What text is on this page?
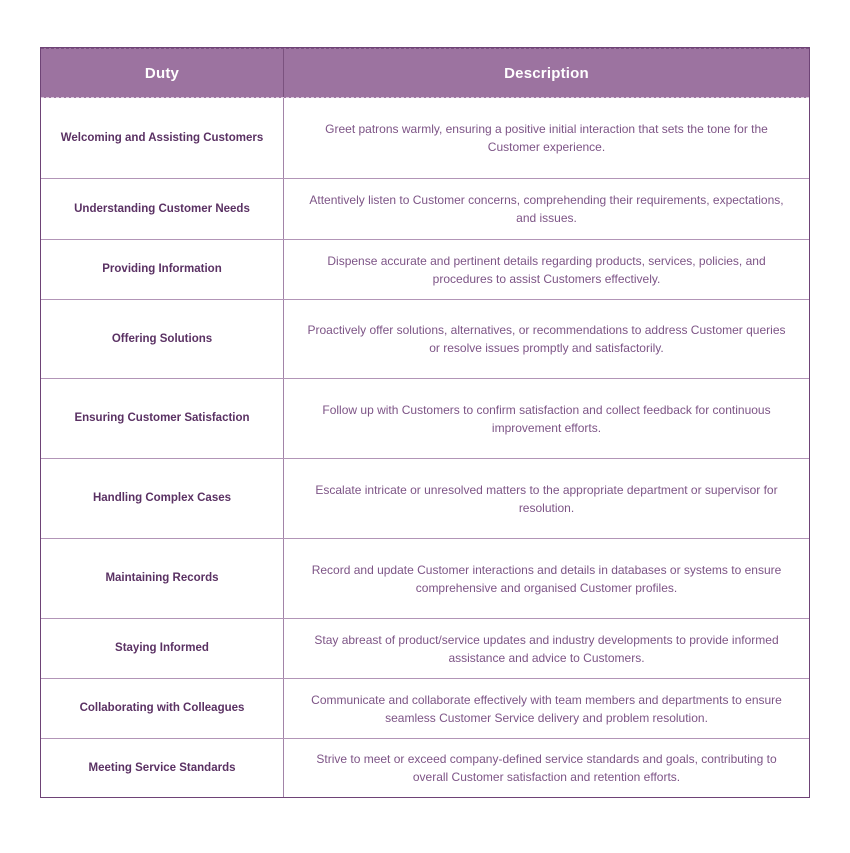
Duty	Description
Welcoming and Assisting Customers
Greet patrons warmly, ensuring a positive initial interaction that sets the tone for the Customer experience.
Understanding Customer Needs
Attentively listen to Customer concerns, comprehending their requirements, expectations, and issues.
Providing Information
Dispense accurate and pertinent details regarding products, services, policies, and procedures to assist Customers effectively.
Offering Solutions
Proactively offer solutions, alternatives, or recommendations to address Customer queries or resolve issues promptly and satisfactorily.
Ensuring Customer Satisfaction
Follow up with Customers to confirm satisfaction and collect feedback for continuous improvement efforts.
Handling Complex Cases
Escalate intricate or unresolved matters to the appropriate department or supervisor for resolution.
Maintaining Records
Record and update Customer interactions and details in databases or systems to ensure comprehensive and organised Customer profiles.
Staying Informed
Stay abreast of product/service updates and industry developments to provide informed assistance and advice to Customers.
Collaborating with Colleagues
Communicate and collaborate effectively with team members and departments to ensure seamless Customer Service delivery and problem resolution.
Meeting Service Standards
Strive to meet or exceed company-defined service standards and goals, contributing to overall Customer satisfaction and retention efforts.
